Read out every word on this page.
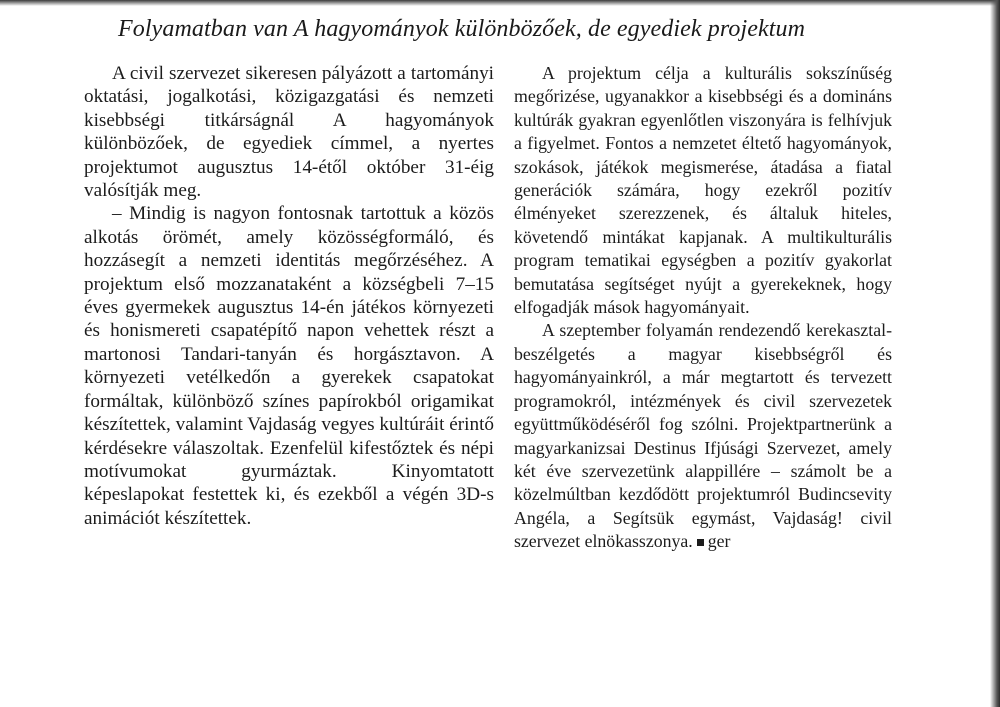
Folyamatban van A hagyományok különbözőek, de egyediek projektum

A civil szervezet sikeresen pályázott a tartományi oktatási, jogalkotási, közigazgatási és nemzeti kisebbségi titkárságnál A hagyományok különbözőek, de egyediek címmel, a nyertes projektumot augusztus 14-étől október 31-éig valósítják meg.

– Mindig is nagyon fontosnak tartottuk a közös alkotás örömét, amely közösségformáló, és hozzásegít a nemzeti identitás megőrzéséhez. A projektum első mozzanataként a községbeli 7–15 éves gyermekek augusztus 14-én játékos környezeti és honismereti csapatépítő napon vehettek részt a martonosi Tandari-tanyán és horgásztavon. A környezeti vetélkedőn a gyerekek csapatokat formáltak, különböző színes papírokból origamikat készítettek, valamint Vajdaság vegyes kultúráit érintő kérdésekre válaszoltak. Ezenfelül kifestőztek és népi motívumokat gyurmáztak. Kinyomtatott képeslapokat festettek ki, és ezekből a végén 3D-s animációt készítettek.

A projektum célja a kulturális sokszínűség megőrizése, ugyanakkor a kisebbségi és a domináns kultúrák gyakran egyenlőtlen viszonyára is felhívjuk a figyelmet. Fontos a nemzetet éltető hagyományok, szokások, játékok megismerése, átadása a fiatal generációk számára, hogy ezekről pozitív élményeket szerezzenek, és általuk hiteles, követendő mintákat kapjanak. A multikulturális program tematikai egységben a pozitív gyakorlat bemutatása segítséget nyújt a gyerekeknek, hogy elfogadják mások hagyományait.

A szeptember folyamán rendezendő kerekasztal-beszélgetés a magyar kisebbségről és hagyományainkról, a már megtartott és tervezett programokról, intézmények és civil szervezetek együttműködéséről fog szólni. Projektpartnerünk a magyarkanizsai Destinus Ifjúsági Szervezet, amely két éve szervezetünk alappillére – számolt be a közelmúltban kezdődött projektumról Budincsevity Angéla, a Segítsük egymást, Vajdaság! civil szervezet elnökasszonya. ger
